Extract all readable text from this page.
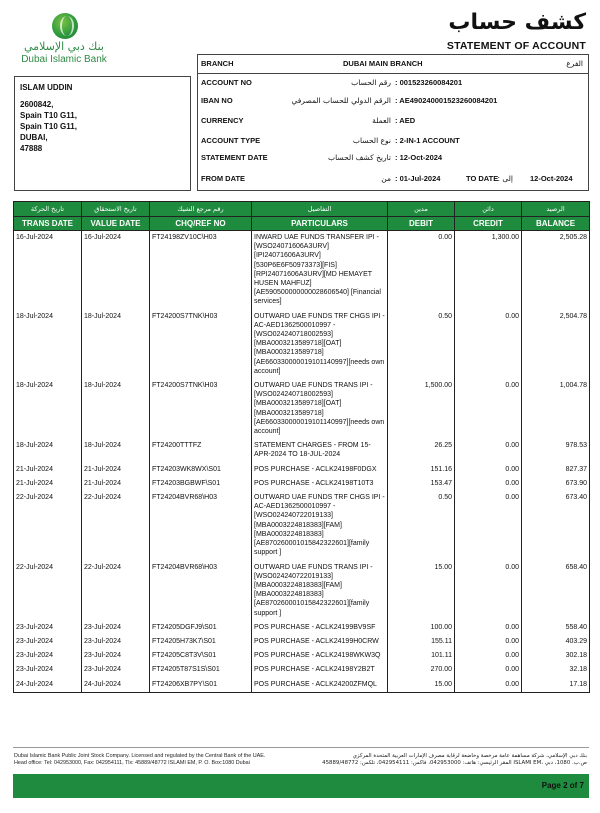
بنك دبي الإسلامي
Dubai Islamic Bank
كشف حساب
STATEMENT OF ACCOUNT
ISLAM UDDIN
2600842,
Spain T10 G11,
Spain T10 G11,
DUBAI,
47888
BRANCH	DUBAI MAIN BRANCH	الفرع
ACCOUNT NO	رقم الحساب : 001523260084201
IBAN NO	الرقم الدولي للحساب المصرفي : AE490240001523260084201
CURRENCY	العملة : AED
ACCOUNT TYPE	نوع الحساب : 2-IN-1 ACCOUNT
STATEMENT DATE	تاريخ كشف الحساب : 12-Oct-2024
FROM DATE	من : 01-Jul-2024	TO DATE : إلى 12-Oct-2024
تاريخ الحركة	تاريخ الاستحقاق	رقم مرجع الشيك	التفاصيل	مدين	دائن	الرصيد
TRANS DATE	VALUE DATE	CHQ/REF NO	PARTICULARS	DEBIT	CREDIT	BALANCE
16-Jul-2024	16-Jul-2024	FT24198ZV10C\H03	INWARD UAE FUNDS TRANSFER IPI - [WSO24071606A3URV] [IPI24071606A3URV] [530P6E6F50973373][FIS] [RPI24071606A3URV][MD HEMAYET HUSEN MAHFUZ] [AE590500000000028606540] [Financial services]	0.00	1,300.00	2,505.28
18-Jul-2024	18-Jul-2024	FT24200S7TNK\H03	OUTWARD UAE FUNDS TRF CHGS IPI - AC-AED1362500010997 - [WSO024240718002593] [MBA0003213589718][OAT] [MBA0003213589718] [AE660330000019101140997][needs own account]	0.50	0.00	2,504.78
18-Jul-2024	18-Jul-2024	FT24200S7TNK\H03	OUTWARD UAE FUNDS TRANS IPI - [WSO024240718002593] [MBA0003213589718][OAT] [MBA0003213589718] [AE660330000019101140997][needs own account]	1,500.00	0.00	1,004.78
18-Jul-2024	18-Jul-2024	FT24200TTTFZ	STATEMENT CHARGES - FROM 15-APR-2024 TO 18-JUL-2024	26.25	0.00	978.53
21-Jul-2024	21-Jul-2024	FT24203WK8WX\S01	POS PURCHASE - ACLK24198F0DGX	151.16	0.00	827.37
21-Jul-2024	21-Jul-2024	FT24203BGBWF\S01	POS PURCHASE - ACLK24198T10T3	153.47	0.00	673.90
22-Jul-2024	22-Jul-2024	FT24204BVR68\H03	OUTWARD UAE FUNDS TRF CHGS IPI - AC-AED1362500010997 - [WSO024240722019133] [MBA0003224818383][FAM] [MBA0003224818383] [AE870260001015842322601][family support ]	0.50	0.00	673.40
22-Jul-2024	22-Jul-2024	FT24204BVR68\H03	OUTWARD UAE FUNDS TRANS IPI - [WSO024240722019133] [MBA0003224818383][FAM] [MBA0003224818383] [AE870260001015842322601][family support ]	15.00	0.00	658.40
23-Jul-2024	23-Jul-2024	FT24205DGFJ9\S01	POS PURCHASE - ACLK24199BV9SF	100.00	0.00	558.40
23-Jul-2024	23-Jul-2024	FT24205H73K7\S01	POS PURCHASE - ACLK24199H0CRW	155.11	0.00	403.29
23-Jul-2024	23-Jul-2024	FT24205C8T3V\S01	POS PURCHASE - ACLK24198WKW3Q	101.11	0.00	302.18
23-Jul-2024	23-Jul-2024	FT24205T87S1S\S01	POS PURCHASE - ACLK24198Y2B2T	270.00	0.00	32.18
24-Jul-2024	24-Jul-2024	FT24206XB7PY\S01	POS PURCHASE - ACLK24200ZFMQL	15.00	0.00	17.18
Dubai Islamic Bank Public Joint Stock Company. Licensed and regulated by the Central Bank of the UAE.
Head office: Tel: 042953000, Fax: 042954111, Tlx: 45889/48772 ISLAMI EM, P. O. Box:1080 Dubai
بنك دبي الإسلامي، شركة مساهمة عامة مرخصة وخاضعة لرقابة مصرف الإمارات العربية المتحدة المركزي
المقر الرئيسي: هاتف: 042953000، فاكس: 042954111، تلكس: 45889/48772 ISLAMI EM، ص.ب. 1080، دبي
Page 2 of 7
